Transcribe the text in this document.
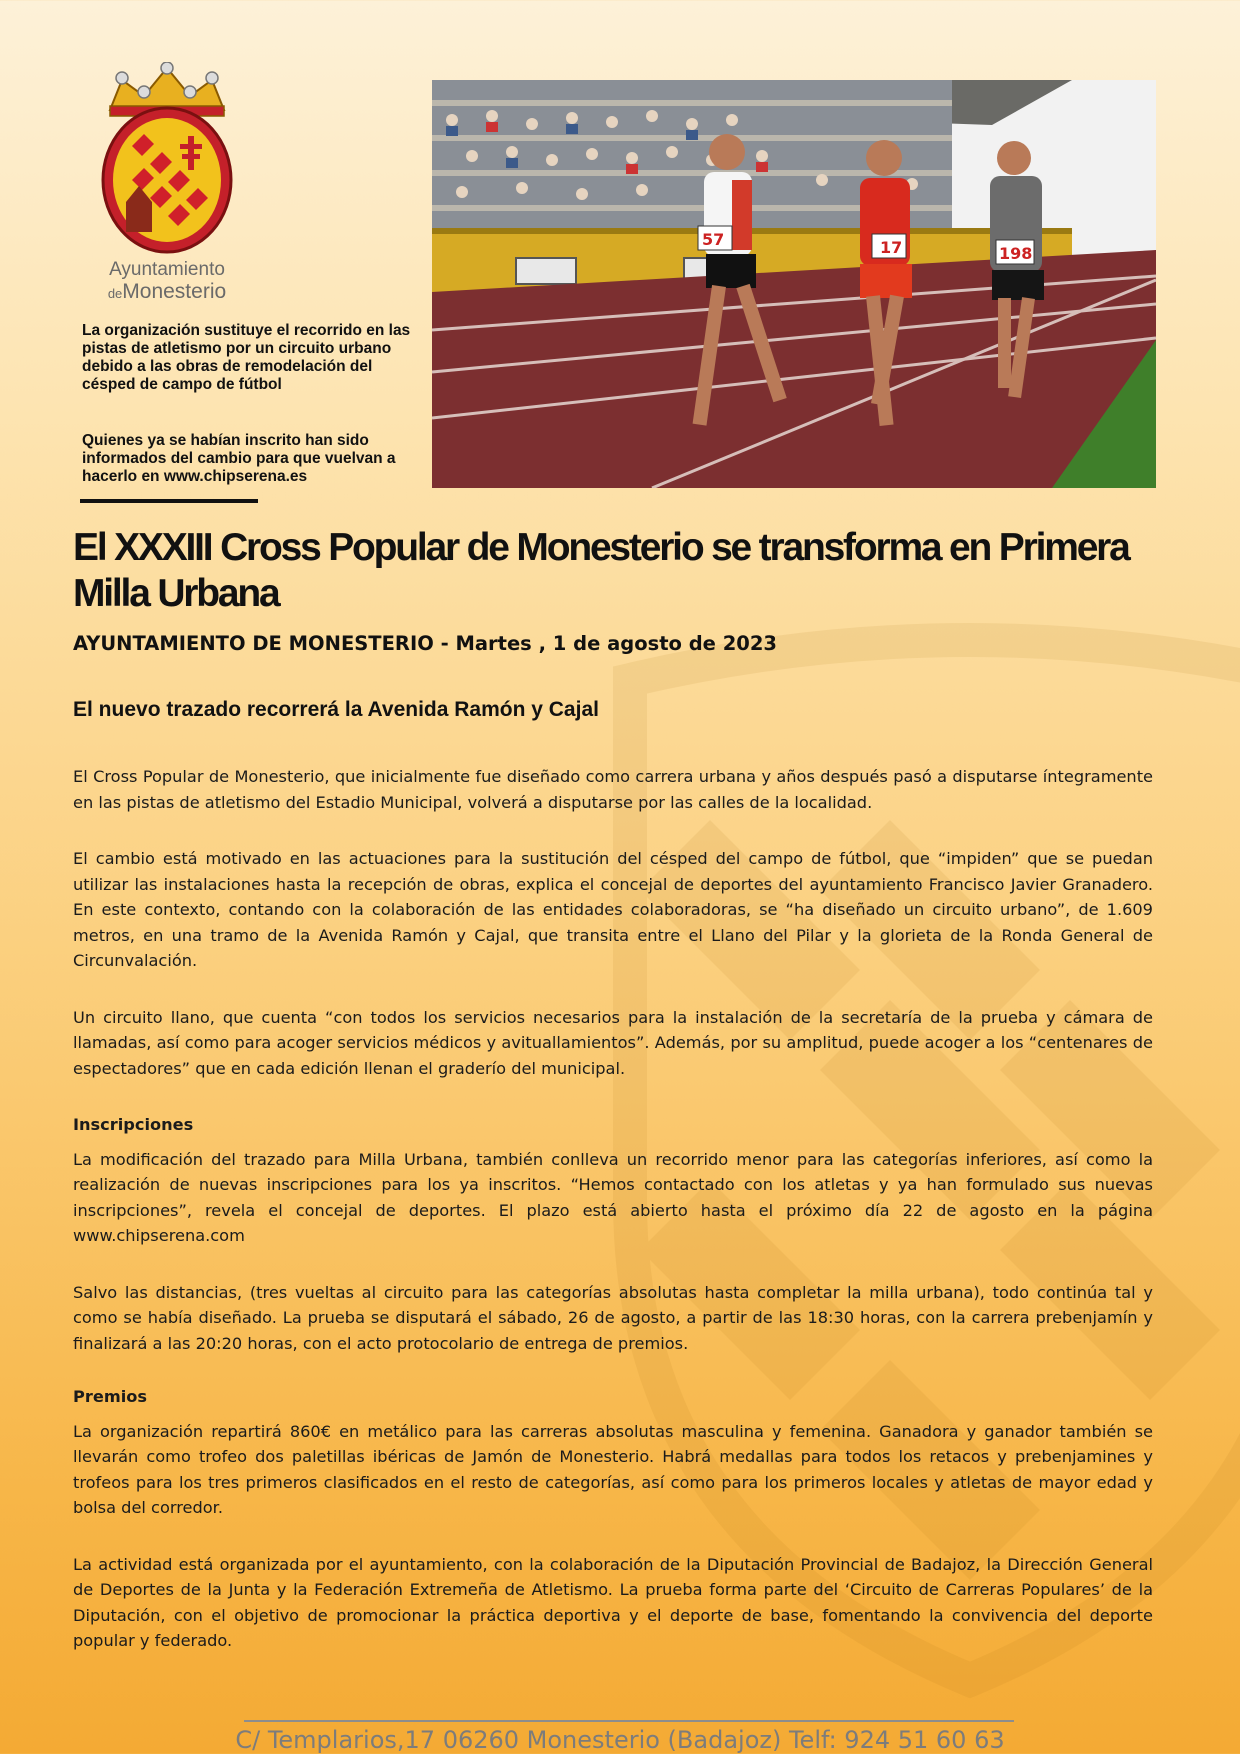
Ayuntamiento
deMonesterio
La organización sustituye el recorrido en las pistas de atletismo por un circuito urbano debido a las obras de remodelación del césped de campo de fútbol
Quienes ya se habían inscrito han sido informados del cambio para que vuelvan a hacerlo en www.chipserena.es
57	17	198
El XXXIII Cross Popular de Monesterio se transforma en Primera Milla Urbana
AYUNTAMIENTO DE MONESTERIO - Martes , 1 de agosto de 2023
El nuevo trazado recorrerá la Avenida Ramón y Cajal

El Cross Popular de Monesterio, que inicialmente fue diseñado como carrera urbana y años después pasó a disputarse íntegramente en las pistas de atletismo del Estadio Municipal, volverá a disputarse por las calles de la localidad.

El cambio está motivado en las actuaciones para la sustitución del césped del campo de fútbol, que “impiden” que se puedan utilizar las instalaciones hasta la recepción de obras, explica el concejal de deportes del ayuntamiento Francisco Javier Granadero. En este contexto, contando con la colaboración de las entidades colaboradoras, se “ha diseñado un circuito urbano”, de 1.609 metros, en una tramo de la Avenida Ramón y Cajal, que transita entre el Llano del Pilar y la glorieta de la Ronda General de Circunvalación.

Un circuito llano, que cuenta “con todos los servicios necesarios para la instalación de la secretaría de la prueba y cámara de llamadas, así como para acoger servicios médicos y avituallamientos”. Además, por su amplitud, puede acoger a los “centenares de espectadores” que en cada edición llenan el graderío del municipal.

Inscripciones

La modificación del trazado para Milla Urbana, también conlleva un recorrido menor para las categorías inferiores, así como la realización de nuevas inscripciones para los ya inscritos. “Hemos contactado con los atletas y ya han formulado sus nuevas inscripciones”, revela el concejal de deportes. El plazo está abierto hasta el próximo día 22 de agosto en la página www.chipserena.com

Salvo las distancias, (tres vueltas al circuito para las categorías absolutas hasta completar la milla urbana), todo continúa tal y como se había diseñado. La prueba se disputará el sábado, 26 de agosto, a partir de las 18:30 horas, con la carrera prebenjamín y finalizará a las 20:20 horas, con el acto protocolario de entrega de premios.

Premios

La organización repartirá 860€ en metálico para las carreras absolutas masculina y femenina. Ganadora y ganador también se llevarán como trofeo dos paletillas ibéricas de Jamón de Monesterio. Habrá medallas para todos los retacos y prebenjamines y trofeos para los tres primeros clasificados en el resto de categorías, así como para los primeros locales y atletas de mayor edad y bolsa del corredor.

La actividad está organizada por el ayuntamiento, con la colaboración de la Diputación Provincial de Badajoz, la Dirección General de Deportes de la Junta y la Federación Extremeña de Atletismo. La prueba forma parte del ‘Circuito de Carreras Populares’ de la Diputación, con el objetivo de promocionar la práctica deportiva y el deporte de base, fomentando la convivencia del deporte popular y federado.

C/ Templarios,17 06260 Monesterio (Badajoz) Telf: 924 51 60 63
